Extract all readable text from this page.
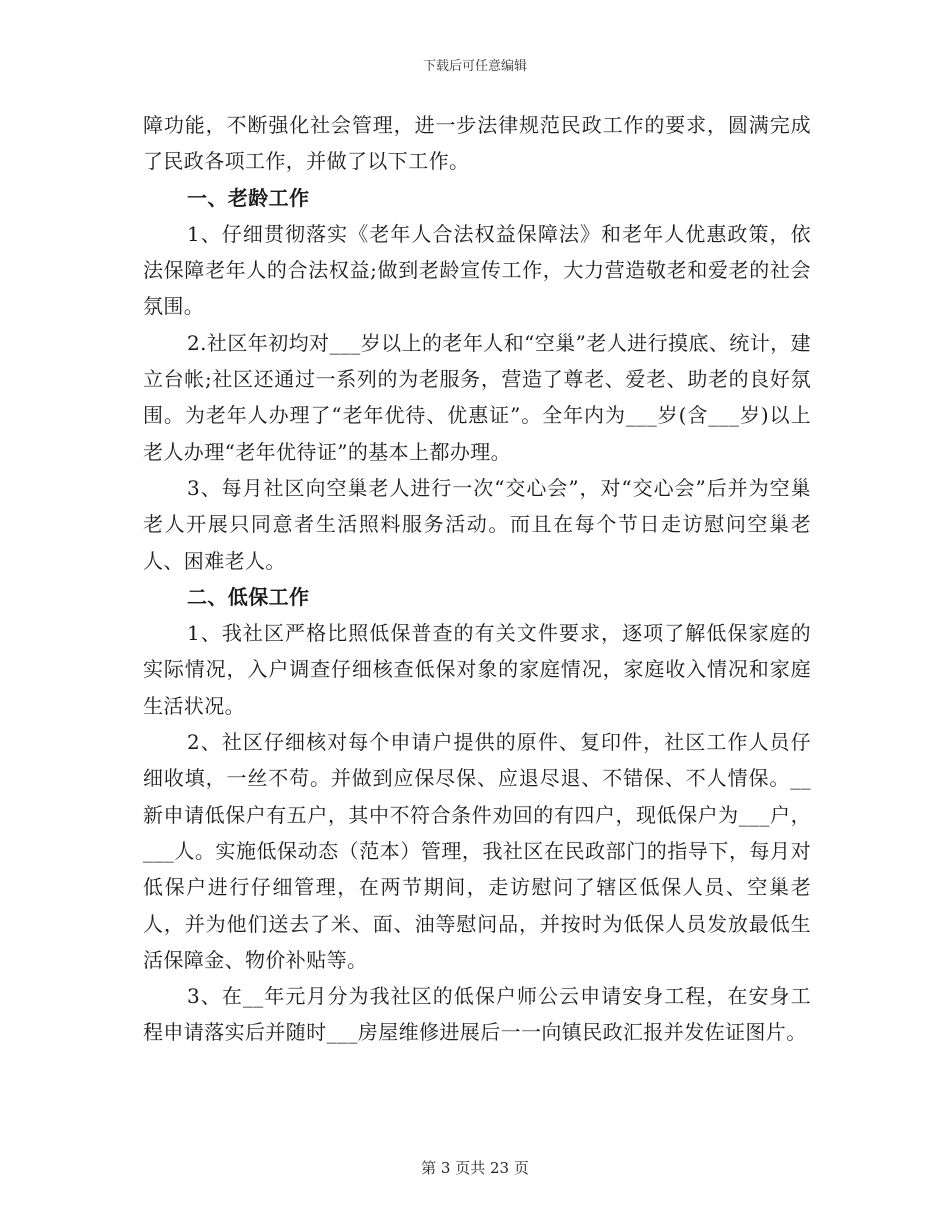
下载后可任意编辑

障功能，不断强化社会管理，进一步法律规范民政工作的要求，圆满完成了民政各项工作，并做了以下工作。

一、老龄工作

1、仔细贯彻落实《老年人合法权益保障法》和老年人优惠政策，依法保障老年人的合法权益;做到老龄宣传工作，大力营造敬老和爱老的社会氛围。

2.社区年初均对___岁以上的老年人和“空巢”老人进行摸底、统计，建立台帐;社区还通过一系列的为老服务，营造了尊老、爱老、助老的良好氛围。为老年人办理了“老年优待、优惠证”。全年内为___岁(含___岁)以上老人办理“老年优待证”的基本上都办理。

3、每月社区向空巢老人进行一次“交心会”，对“交心会”后并为空巢老人开展只同意者生活照料服务活动。而且在每个节日走访慰问空巢老人、困难老人。

二、低保工作

1、我社区严格比照低保普查的有关文件要求，逐项了解低保家庭的实际情况，入户调查仔细核查低保对象的家庭情况，家庭收入情况和家庭生活状况。

2、社区仔细核对每个申请户提供的原件、复印件，社区工作人员仔细收填，一丝不苟。并做到应保尽保、应退尽退、不错保、不人情保。__新申请低保户有五户，其中不符合条件劝回的有四户，现低保户为___户，___人。实施低保动态（范本）管理，我社区在民政部门的指导下，每月对低保户进行仔细管理，在两节期间，走访慰问了辖区低保人员、空巢老人，并为他们送去了米、面、油等慰问品，并按时为低保人员发放最低生活保障金、物价补贴等。

3、在__年元月分为我社区的低保户师公云申请安身工程，在安身工程申请落实后并随时___房屋维修进展后一一向镇民政汇报并发佐证图片。

第 3 页共 23 页
